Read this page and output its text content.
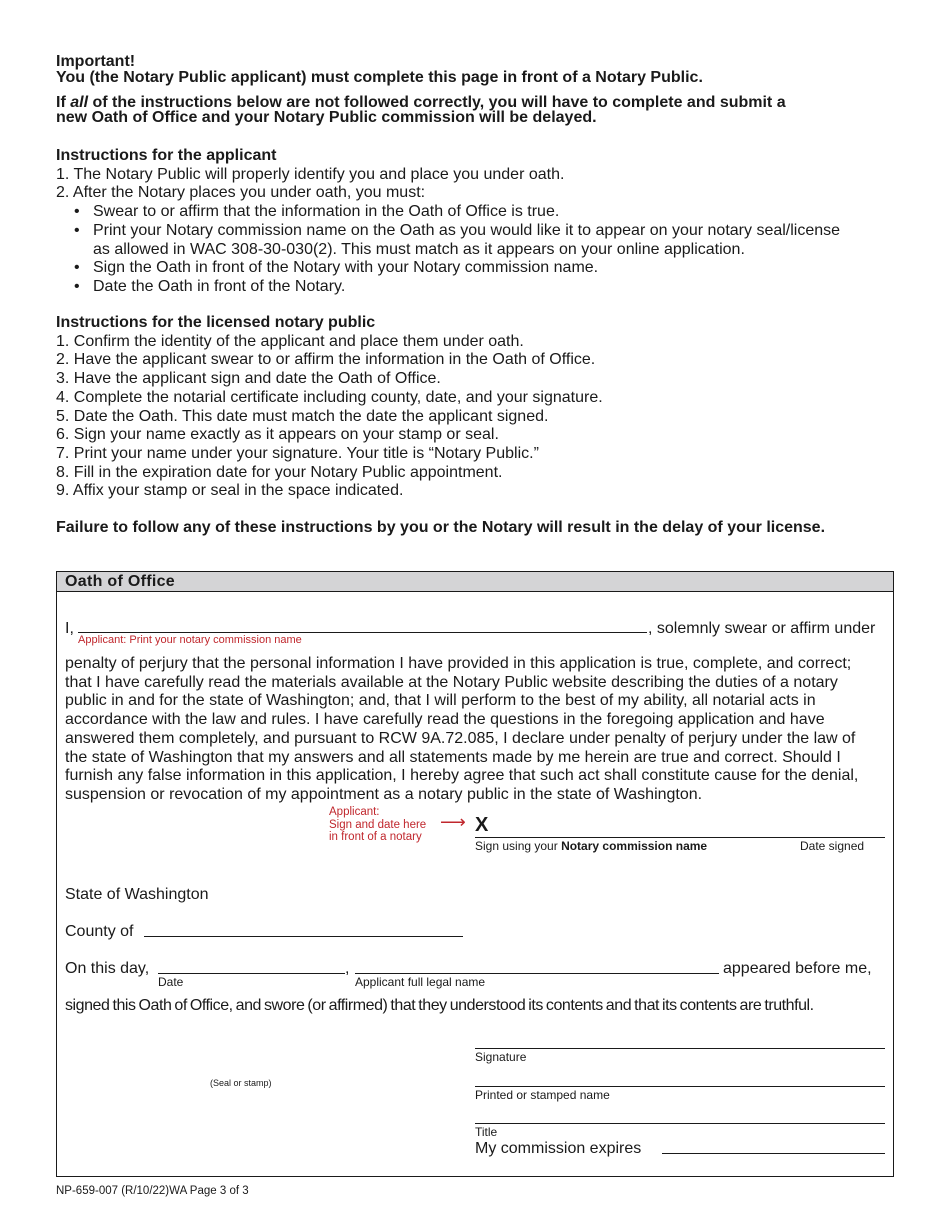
Important!
You (the Notary Public applicant) must complete this page in front of a Notary Public.
If all of the instructions below are not followed correctly, you will have to complete and submit a
new Oath of Office and your Notary Public commission will be delayed.
Instructions for the applicant
1. The Notary Public will properly identify you and place you under oath.
2. After the Notary places you under oath, you must:
• Swear to or affirm that the information in the Oath of Office is true.
• Print your Notary commission name on the Oath as you would like it to appear on your notary seal/license
as allowed in WAC 308-30-030(2). This must match as it appears on your online application.
• Sign the Oath in front of the Notary with your Notary commission name.
• Date the Oath in front of the Notary.
Instructions for the licensed notary public
1. Confirm the identity of the applicant and place them under oath.
2. Have the applicant swear to or affirm the information in the Oath of Office.
3. Have the applicant sign and date the Oath of Office.
4. Complete the notarial certificate including county, date, and your signature.
5. Date the Oath. This date must match the date the applicant signed.
6. Sign your name exactly as it appears on your stamp or seal.
7. Print your name under your signature. Your title is “Notary Public.”
8. Fill in the expiration date for your Notary Public appointment.
9. Affix your stamp or seal in the space indicated.
Failure to follow any of these instructions by you or the Notary will result in the delay of your license.
Oath of Office
I,
Applicant: Print your notary commission name
, solemnly swear or affirm under
penalty of perjury that the personal information I have provided in this application is true, complete, and correct;
that I have carefully read the materials available at the Notary Public website describing the duties of a notary
public in and for the state of Washington; and, that I will perform to the best of my ability, all notarial acts in
accordance with the law and rules. I have carefully read the questions in the foregoing application and have
answered them completely, and pursuant to RCW 9A.72.085, I declare under penalty of perjury under the law of
the state of Washington that my answers and all statements made by me herein are true and correct. Should I
furnish any false information in this application, I hereby agree that such act shall constitute cause for the denial,
suspension or revocation of my appointment as a notary public in the state of Washington.
Applicant:
Sign and date here
in front of a notary
⟶ X
Sign using your Notary commission name	Date signed
State of Washington
County of
On this day,	,
Date	Applicant full legal name
appeared before me,
signed this Oath of Office, and swore (or affirmed) that they understood its contents and that its contents are truthful.
(Seal or stamp)
Signature
Printed or stamped name
Title
My commission expires
NP-659-007 (R/10/22)WA Page 3 of 3
